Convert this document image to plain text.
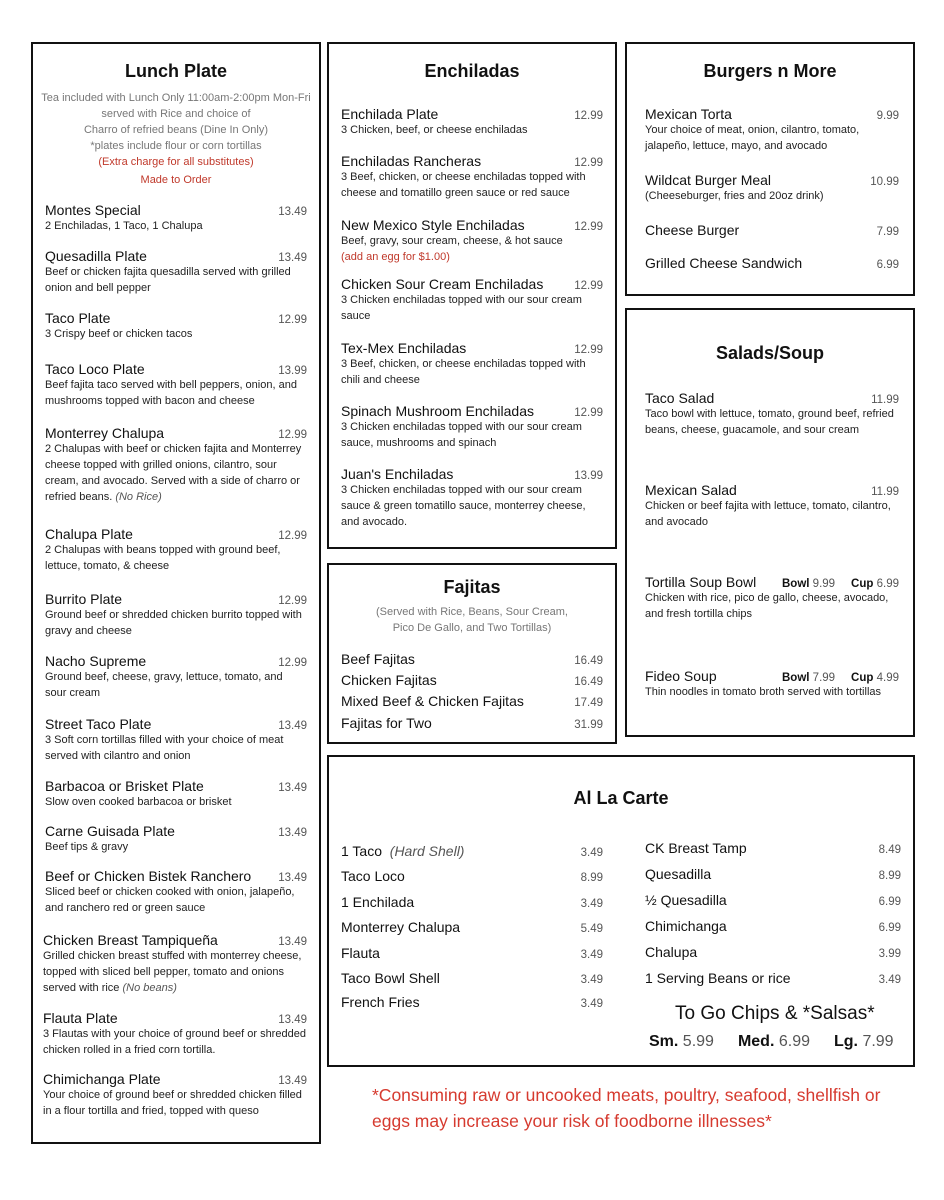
Lunch Plate
Tea included with Lunch Only 11:00am-2:00pm Mon-Fri
served with Rice and choice of
Charro of refried beans (Dine In Only)
*plates include flour or corn tortillas
(Extra charge for all substitutes)
Made to Order
Montes Special	13.49
2 Enchiladas, 1 Taco, 1 Chalupa
Quesadilla Plate	13.49
Beef or chicken fajita quesadilla served with grilled onion and bell pepper
Taco Plate	12.99
3 Crispy beef or chicken tacos
Taco Loco Plate	13.99
Beef fajita taco served with bell peppers, onion, and mushrooms topped with bacon and cheese
Monterrey Chalupa	12.99
2 Chalupas with beef or chicken fajita and Monterrey cheese topped with grilled onions, cilantro, sour cream, and avocado. Served with a side of charro or refried beans. (No Rice)
Chalupa Plate	12.99
2 Chalupas with beans topped with ground beef, lettuce, tomato, & cheese
Burrito Plate	12.99
Ground beef or shredded chicken burrito topped with gravy and cheese
Nacho Supreme	12.99
Ground beef, cheese, gravy, lettuce, tomato, and sour cream
Street Taco Plate	13.49
3 Soft corn tortillas filled with your choice of meat served with cilantro and onion
Barbacoa or Brisket Plate	13.49
Slow oven cooked barbacoa or brisket
Carne Guisada Plate	13.49
Beef tips & gravy
Beef or Chicken Bistek Ranchero 13.49
Sliced beef or chicken cooked with onion, jalapeño, and ranchero red or green sauce
Chicken Breast Tampiqueña	13.49
Grilled chicken breast stuffed with monterrey cheese, topped with sliced bell pepper, tomato and onions served with rice (No beans)
Flauta Plate	13.49
3 Flautas with your choice of ground beef or shredded chicken rolled in a fried corn tortilla.
Chimichanga Plate	13.49
Your choice of ground beef or shredded chicken filled in a flour tortilla and fried, topped with queso
Enchiladas
Enchilada Plate	12.99
3 Chicken, beef, or cheese enchiladas
Enchiladas Rancheras	12.99
3 Beef, chicken, or cheese enchiladas topped with cheese and tomatillo green sauce or red sauce
New Mexico Style Enchiladas	12.99
Beef, gravy, sour cream, cheese, & hot sauce
(add an egg for $1.00)
Chicken Sour Cream Enchiladas	12.99
3 Chicken enchiladas topped with our sour cream sauce
Tex-Mex Enchiladas	12.99
3 Beef, chicken, or cheese enchiladas topped with chili and cheese
Spinach Mushroom Enchiladas	12.99
3 Chicken enchiladas topped with our sour cream sauce, mushrooms and spinach
Juan's Enchiladas	13.99
3 Chicken enchiladas topped with our sour cream sauce & green tomatillo sauce, monterrey cheese, and avocado.
Fajitas
(Served with Rice, Beans, Sour Cream,
Pico De Gallo, and Two Tortillas)
Beef Fajitas	16.49
Chicken Fajitas	16.49
Mixed Beef & Chicken Fajitas	17.49
Fajitas for Two	31.99
Burgers n More
Mexican Torta	9.99
Your choice of meat, onion, cilantro, tomato, jalapeño, lettuce, mayo, and avocado
Wildcat Burger Meal	10.99
(Cheeseburger, fries and 20oz drink)
Cheese Burger	7.99
Grilled Cheese Sandwich	6.99
Salads/Soup
Taco Salad	11.99
Taco bowl with lettuce, tomato, ground beef, refried beans, cheese, guacamole, and sour cream
Mexican Salad	11.99
Chicken or beef fajita with lettuce, tomato, cilantro, and avocado
Tortilla Soup Bowl Bowl 9.99 Cup 6.99
Chicken with rice, pico de gallo, cheese, avocado, and fresh tortilla chips
Fideo Soup	Bowl 7.99 Cup 4.99
Thin noodles in tomato broth served with tortillas
Al La Carte
1 Taco (Hard Shell)	3.49
Taco Loco	8.99
1 Enchilada	3.49
Monterrey Chalupa	5.49
Flauta	3.49
Taco Bowl Shell	3.49
French Fries	3.49
CK Breast Tamp	8.49
Quesadilla	8.99
½ Quesadilla	6.99
Chimichanga	6.99
Chalupa	3.99
1 Serving Beans or rice	3.49
To Go Chips & *Salsas*
Sm. 5.99 Med. 6.99 Lg. 7.99
*Consuming raw or uncooked meats, poultry, seafood, shellfish or eggs may increase your risk of foodborne illnesses*
